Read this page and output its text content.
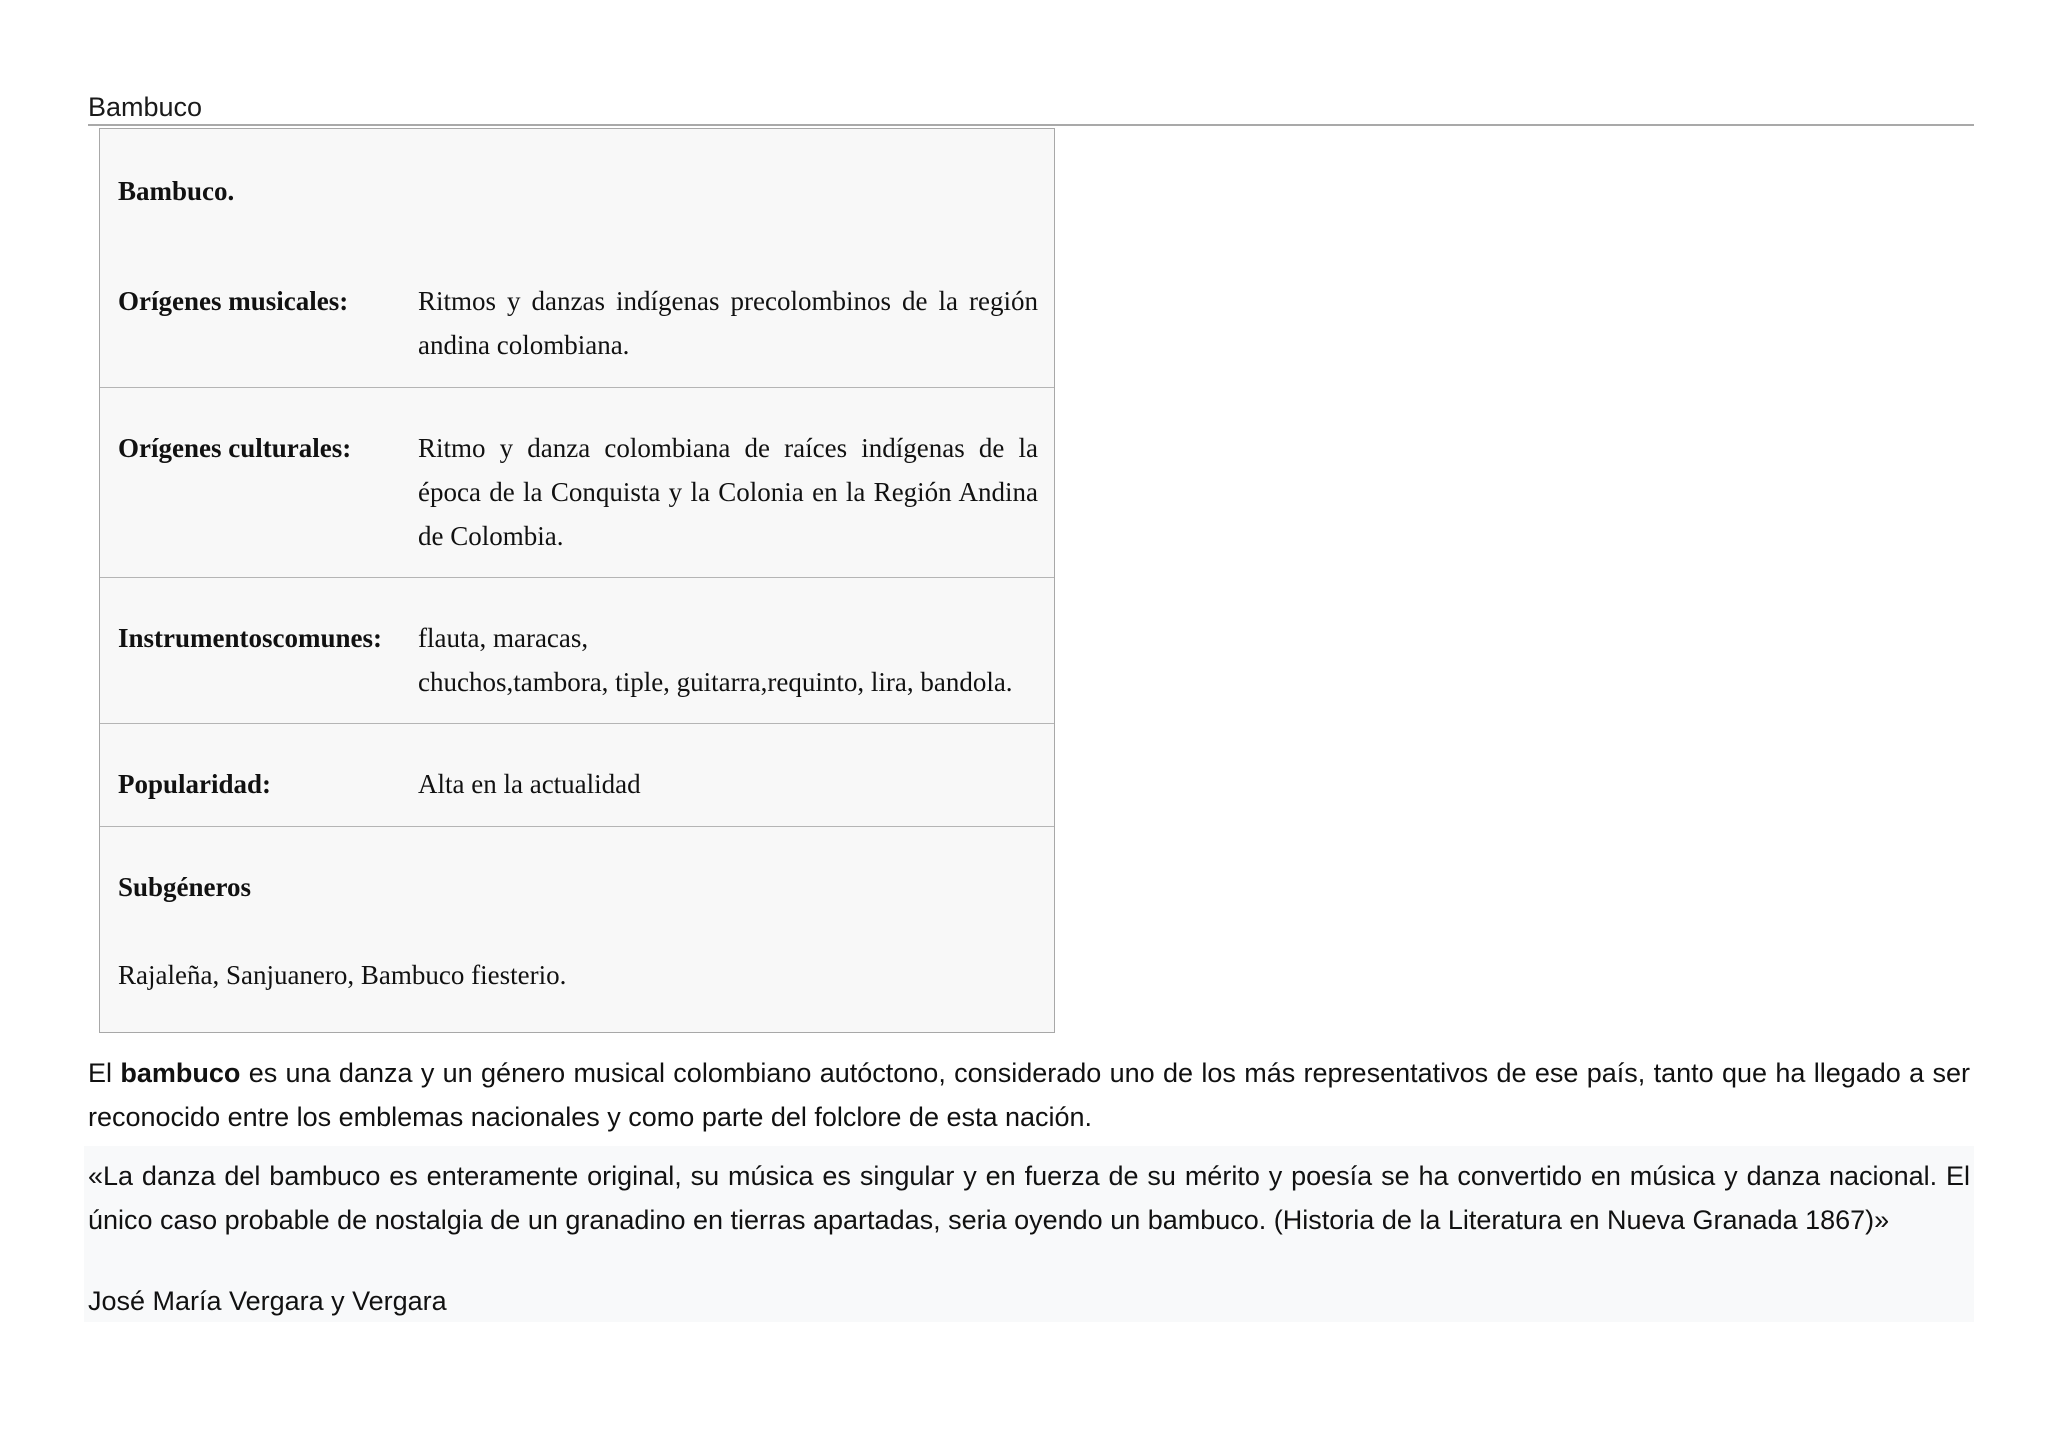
Bambuco
Bambuco.
Orígenes musicales:	Ritmos y danzas indígenas precolombinos de la región andina colombiana.
Orígenes culturales: Ritmo y danza colombiana de raíces indígenas de la época de la Conquista y la Colonia en la Región Andina de Colombia.
Instrumentoscomunes: flauta, maracas,
chuchos,tambora, tiple, guitarra,requinto, lira, bandola.
Popularidad:	Alta en la actualidad
Subgéneros
Rajaleña, Sanjuanero, Bambuco fiesterio.
El bambuco es una danza y un género musical colombiano autóctono, considerado uno de los más representativos de ese país, tanto que ha llegado a ser reconocido entre los emblemas nacionales y como parte del folclore de esta nación.
«La danza del bambuco es enteramente original, su música es singular y en fuerza de su mérito y poesía se ha convertido en música y danza nacional. El único caso probable de nostalgia de un granadino en tierras apartadas, seria oyendo un bambuco. (Historia de la Literatura en Nueva Granada 1867)»
José María Vergara y Vergara
